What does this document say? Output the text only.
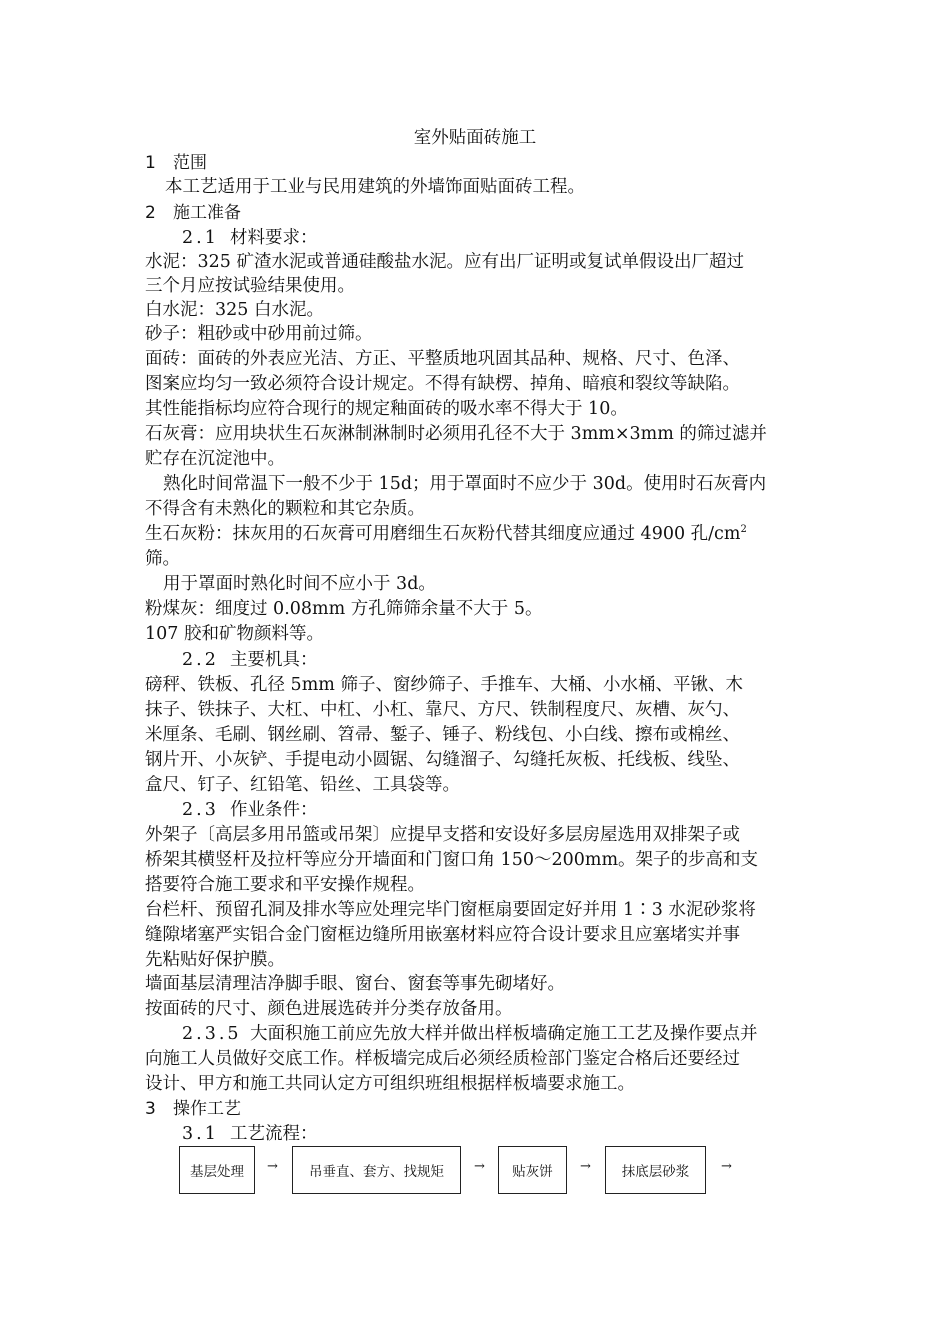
室外贴面砖施工
1 范围
本工艺适用于工业与民用建筑的外墙饰面贴面砖工程。
2 施工准备
2.1 材料要求：
水泥：325 矿渣水泥或普通硅酸盐水泥。应有出厂证明或复试单假设出厂超过
三个月应按试验结果使用。
白水泥：325 白水泥。
砂子：粗砂或中砂用前过筛。
面砖：面砖的外表应光洁、方正、平整质地巩固其品种、规格、尺寸、色泽、
图案应均匀一致必须符合设计规定。不得有缺楞、掉角、暗痕和裂纹等缺陷。
其性能指标均应符合现行的规定釉面砖的吸水率不得大于 10。
石灰膏：应用块状生石灰淋制淋制时必须用孔径不大于 3mm×3mm 的筛过滤并
贮存在沉淀池中。
熟化时间常温下一般不少于 15d；用于罩面时不应少于 30d。使用时石灰膏内
不得含有未熟化的颗粒和其它杂质。
生石灰粉：抹灰用的石灰膏可用磨细生石灰粉代替其细度应通过 4900 孔$/cm^2$
筛。
用于罩面时熟化时间不应小于 3d。
粉煤灰：细度过 0.08mm 方孔筛筛余量不大于 5。
107 胶和矿物颜料等。
2.2 主要机具：
磅秤、铁板、孔径 5mm 筛子、窗纱筛子、手推车、大桶、小水桶、平锹、木
抹子、铁抹子、大杠、中杠、小杠、靠尺、方尺、铁制程度尺、灰槽、灰勺、
米厘条、毛刷、钢丝刷、笤帚、錾子、锤子、粉线包、小白线、擦布或棉丝、
钢片开、小灰铲、手提电动小圆锯、勾缝溜子、勾缝托灰板、托线板、线坠、
盒尺、钉子、红铅笔、铅丝、工具袋等。
2.3 作业条件：
外架子〔高层多用吊篮或吊架〕应提早支搭和安设好多层房屋选用双排架子或
桥架其横竖杆及拉杆等应分开墙面和门窗口角 150～200mm。架子的步高和支
搭要符合施工要求和平安操作规程。
台栏杆、预留孔洞及排水等应处理完毕门窗框扇要固定好并用 1∶3 水泥砂浆将
缝隙堵塞严实铝合金门窗框边缝所用嵌塞材料应符合设计要求且应塞堵实并事
先粘贴好保护膜。
墙面基层清理洁净脚手眼、窗台、窗套等事先砌堵好。
按面砖的尺寸、颜色进展选砖并分类存放备用。
2.3.5 大面积施工前应先放大样并做出样板墙确定施工工艺及操作要点并
向施工人员做好交底工作。样板墙完成后必须经质检部门鉴定合格后还要经过
设计、甲方和施工共同认定方可组织班组根据样板墙要求施工。
3 操作工艺
3.1 工艺流程：
基层处理	→	吊垂直、套方、找规矩	→	贴灰饼	→	抹底层砂浆	→
